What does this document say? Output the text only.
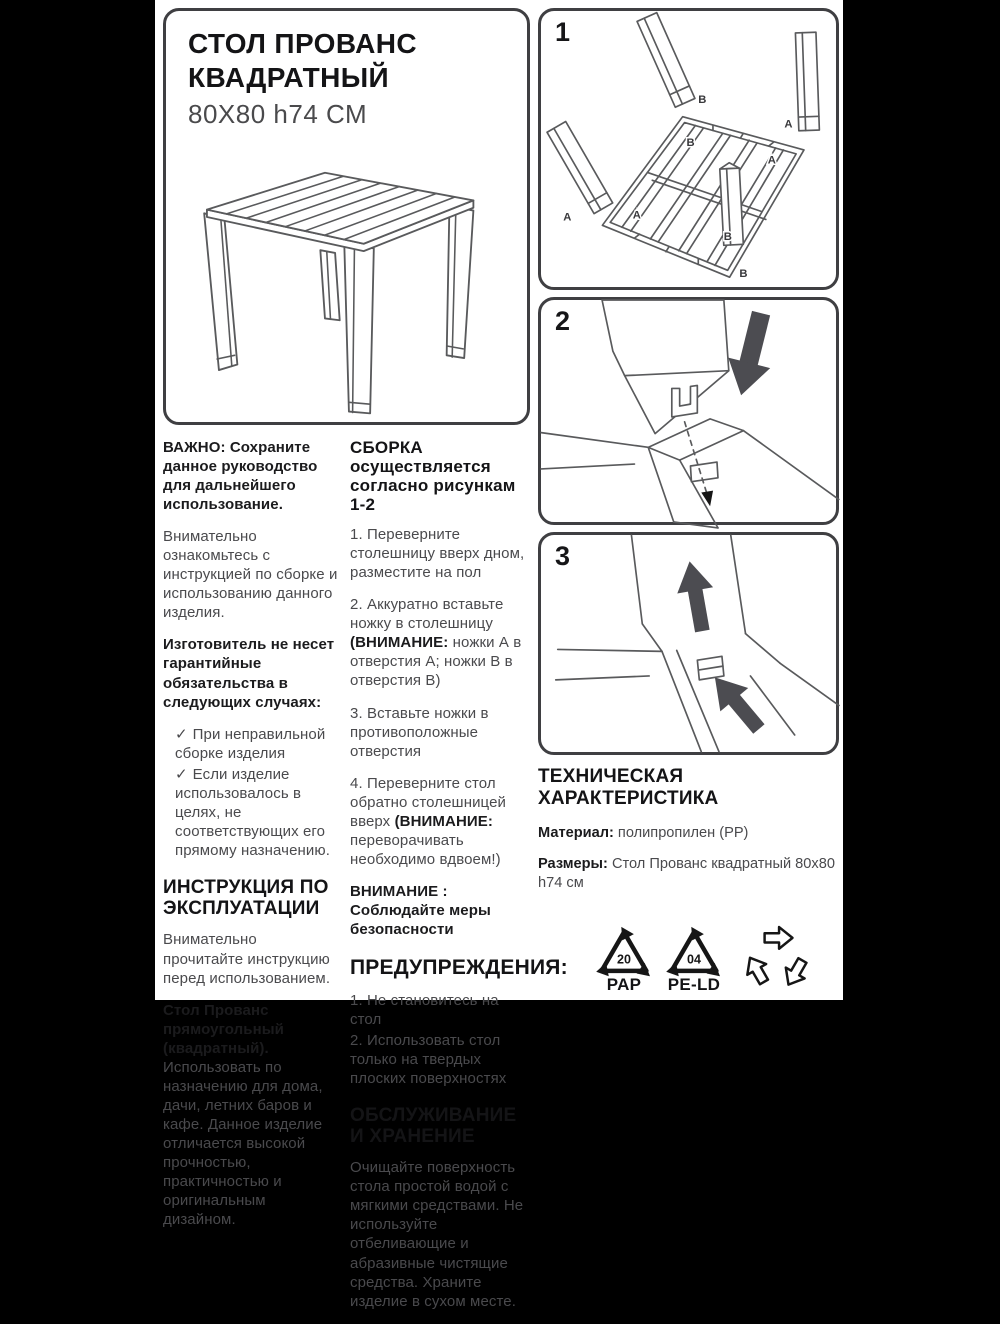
СТОЛ ПРОВАНС
КВАДРАТНЫЙ
80X80 h74 СМ
1
B
A
A
B
B
A
A
B
2
3

ВАЖНО: Сохраните данное руководство для дальнейшего использование.

Внимательно ознакомьтесь с инструкцией по сборке и использованию данного изделия.

Изготовитель не несет гарантийные обязательства в следующих случаях:

✓ При неправильной сборке изделия
✓ Если изделие использовалось в целях, не соответствующих его прямому назначению.
ИНСТРУКЦИЯ ПО ЭКСПЛУАТАЦИИ

Внимательно прочитайте инструкцию перед использованием.

Стол Прованс прямоугольный (квадратный).
Использовать по назначению для дома, дачи, летних баров и кафе. Данное изделие отличается высокой прочностью, практичностью и оригинальным дизайном.

СБОРКА осуществляется согласно рисункам 1-2

1. Переверните столешницу вверх дном, разместите на пол

2. Аккуратно вставьте ножку в столешницу (ВНИМАНИЕ: ножки А в отверстия А; ножки В в отверстия В)

3. Вставьте ножки в противоположные отверстия

4. Переверните стол обратно столешницей вверх (ВНИМАНИЕ: переворачивать необходимо вдвоем!)

ВНИМАНИЕ : Соблюдайте меры безопасности

ПРЕДУПРЕЖДЕНИЯ:

1. Не становитесь на стол

2. Использовать стол только на твердых плоских поверхностях

ОБСЛУЖИВАНИЕ И ХРАНЕНИЕ

Очищайте поверхность стола простой водой с мягкими средствами. Не используйте отбеливающие и абразивные чистящие средства. Храните изделие в сухом месте.

ТЕХНИЧЕСКАЯ ХАРАКТЕРИСТИКА

Материал: полипропилен (PP)

Размеры: Стол Прованс квадратный 80x80 h74 см

20
PAP
04
PE-LD
